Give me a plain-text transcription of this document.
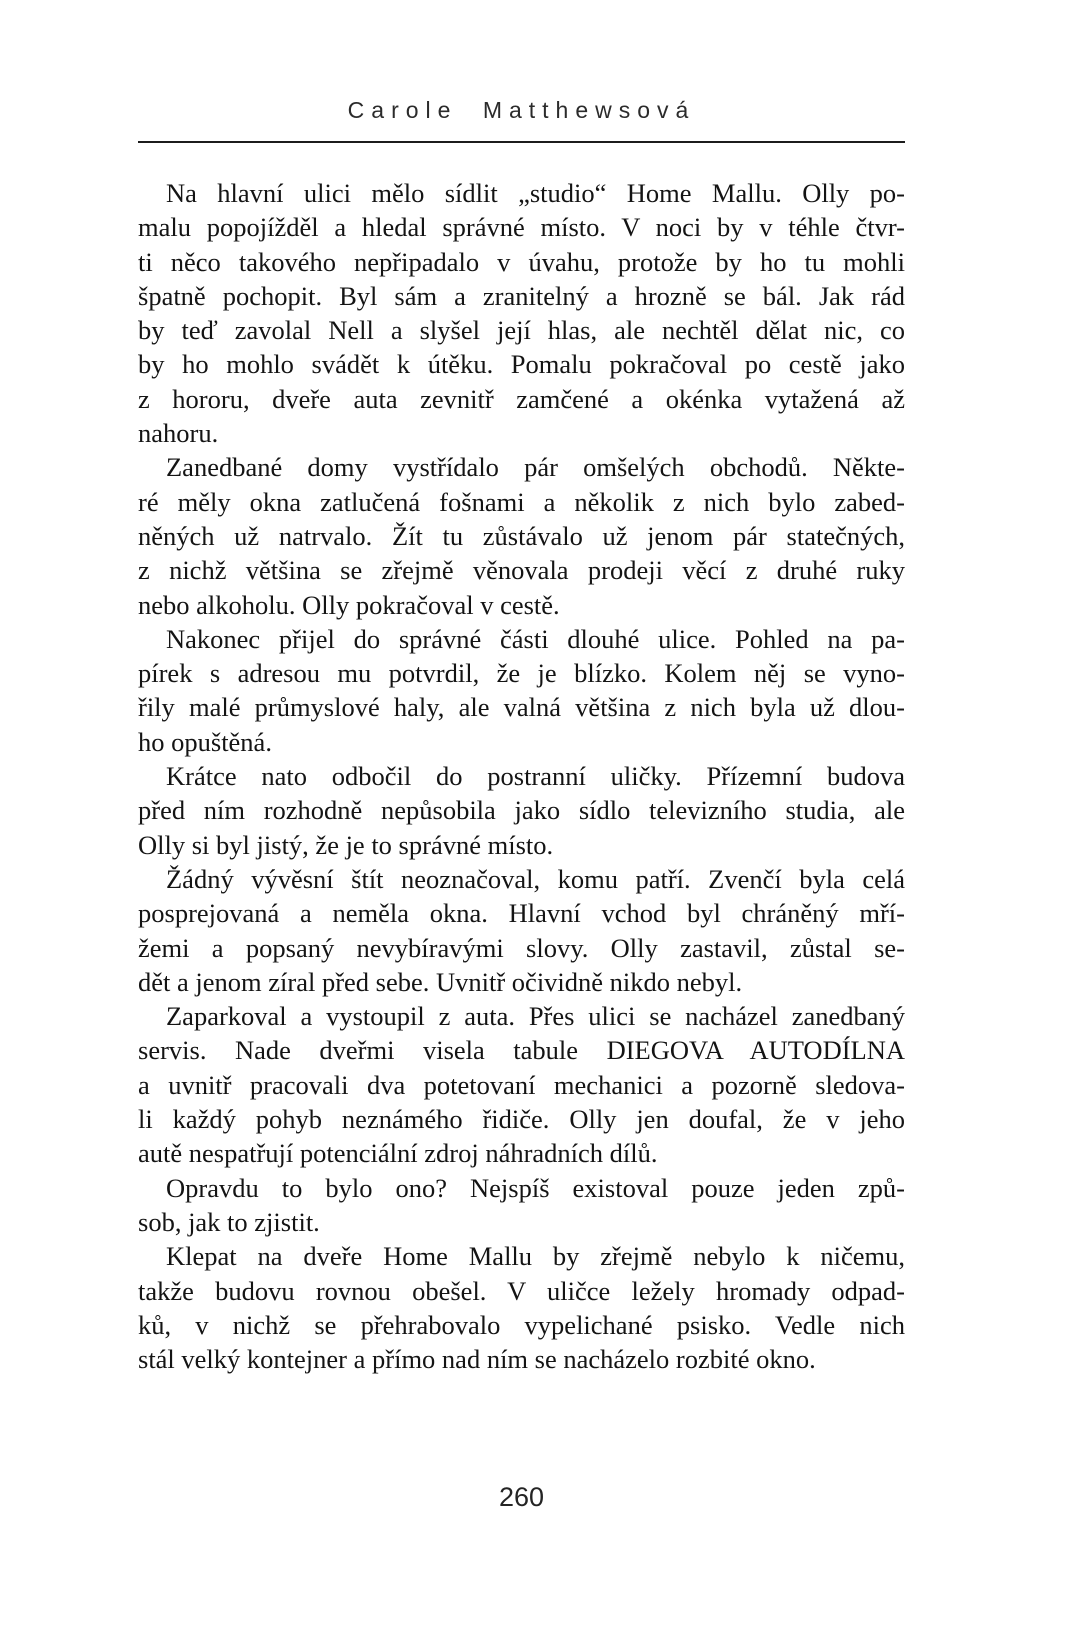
Carole Matthewsová
Na hlavní ulici mělo sídlit „studio“ Home Mallu. Olly po-
malu popojížděl a hledal správné místo. V noci by v téhle čtvr-
ti něco takového nepřipadalo v úvahu, protože by ho tu mohli
špatně pochopit. Byl sám a zranitelný a hrozně se bál. Jak rád
by teď zavolal Nell a slyšel její hlas, ale nechtěl dělat nic, co
by ho mohlo svádět k útěku. Pomalu pokračoval po cestě jako
z hororu, dveře auta zevnitř zamčené a okénka vytažená až
nahoru.
Zanedbané domy vystřídalo pár omšelých obchodů. Někte-
ré měly okna zatlučená fošnami a několik z nich bylo zabed-
něných už natrvalo. Žít tu zůstávalo už jenom pár statečných,
z nichž většina se zřejmě věnovala prodeji věcí z druhé ruky
nebo alkoholu. Olly pokračoval v cestě.
Nakonec přijel do správné části dlouhé ulice. Pohled na pa-
pírek s adresou mu potvrdil, že je blízko. Kolem něj se vyno-
řily malé průmyslové haly, ale valná většina z nich byla už dlou-
ho opuštěná.
Krátce nato odbočil do postranní uličky. Přízemní budova
před ním rozhodně nepůsobila jako sídlo televizního studia, ale
Olly si byl jistý, že je to správné místo.
Žádný vývěsní štít neoznačoval, komu patří. Zvenčí byla celá
posprejovaná a neměla okna. Hlavní vchod byl chráněný mří-
žemi a popsaný nevybíravými slovy. Olly zastavil, zůstal se-
dět a jenom zíral před sebe. Uvnitř očividně nikdo nebyl.
Zaparkoval a vystoupil z auta. Přes ulici se nacházel zanedbaný
servis. Nade dveřmi visela tabule DIEGOVA AUTODÍLNA
a uvnitř pracovali dva potetovaní mechanici a pozorně sledova-
li každý pohyb neznámého řidiče. Olly jen doufal, že v jeho
autě nespatřují potenciální zdroj náhradních dílů.
Opravdu to bylo ono? Nejspíš existoval pouze jeden způ-
sob, jak to zjistit.
Klepat na dveře Home Mallu by zřejmě nebylo k ničemu,
takže budovu rovnou obešel. V uličce ležely hromady odpad-
ků, v nichž se přehrabovalo vypelichané psisko. Vedle nich
stál velký kontejner a přímo nad ním se nacházelo rozbité okno.
260
